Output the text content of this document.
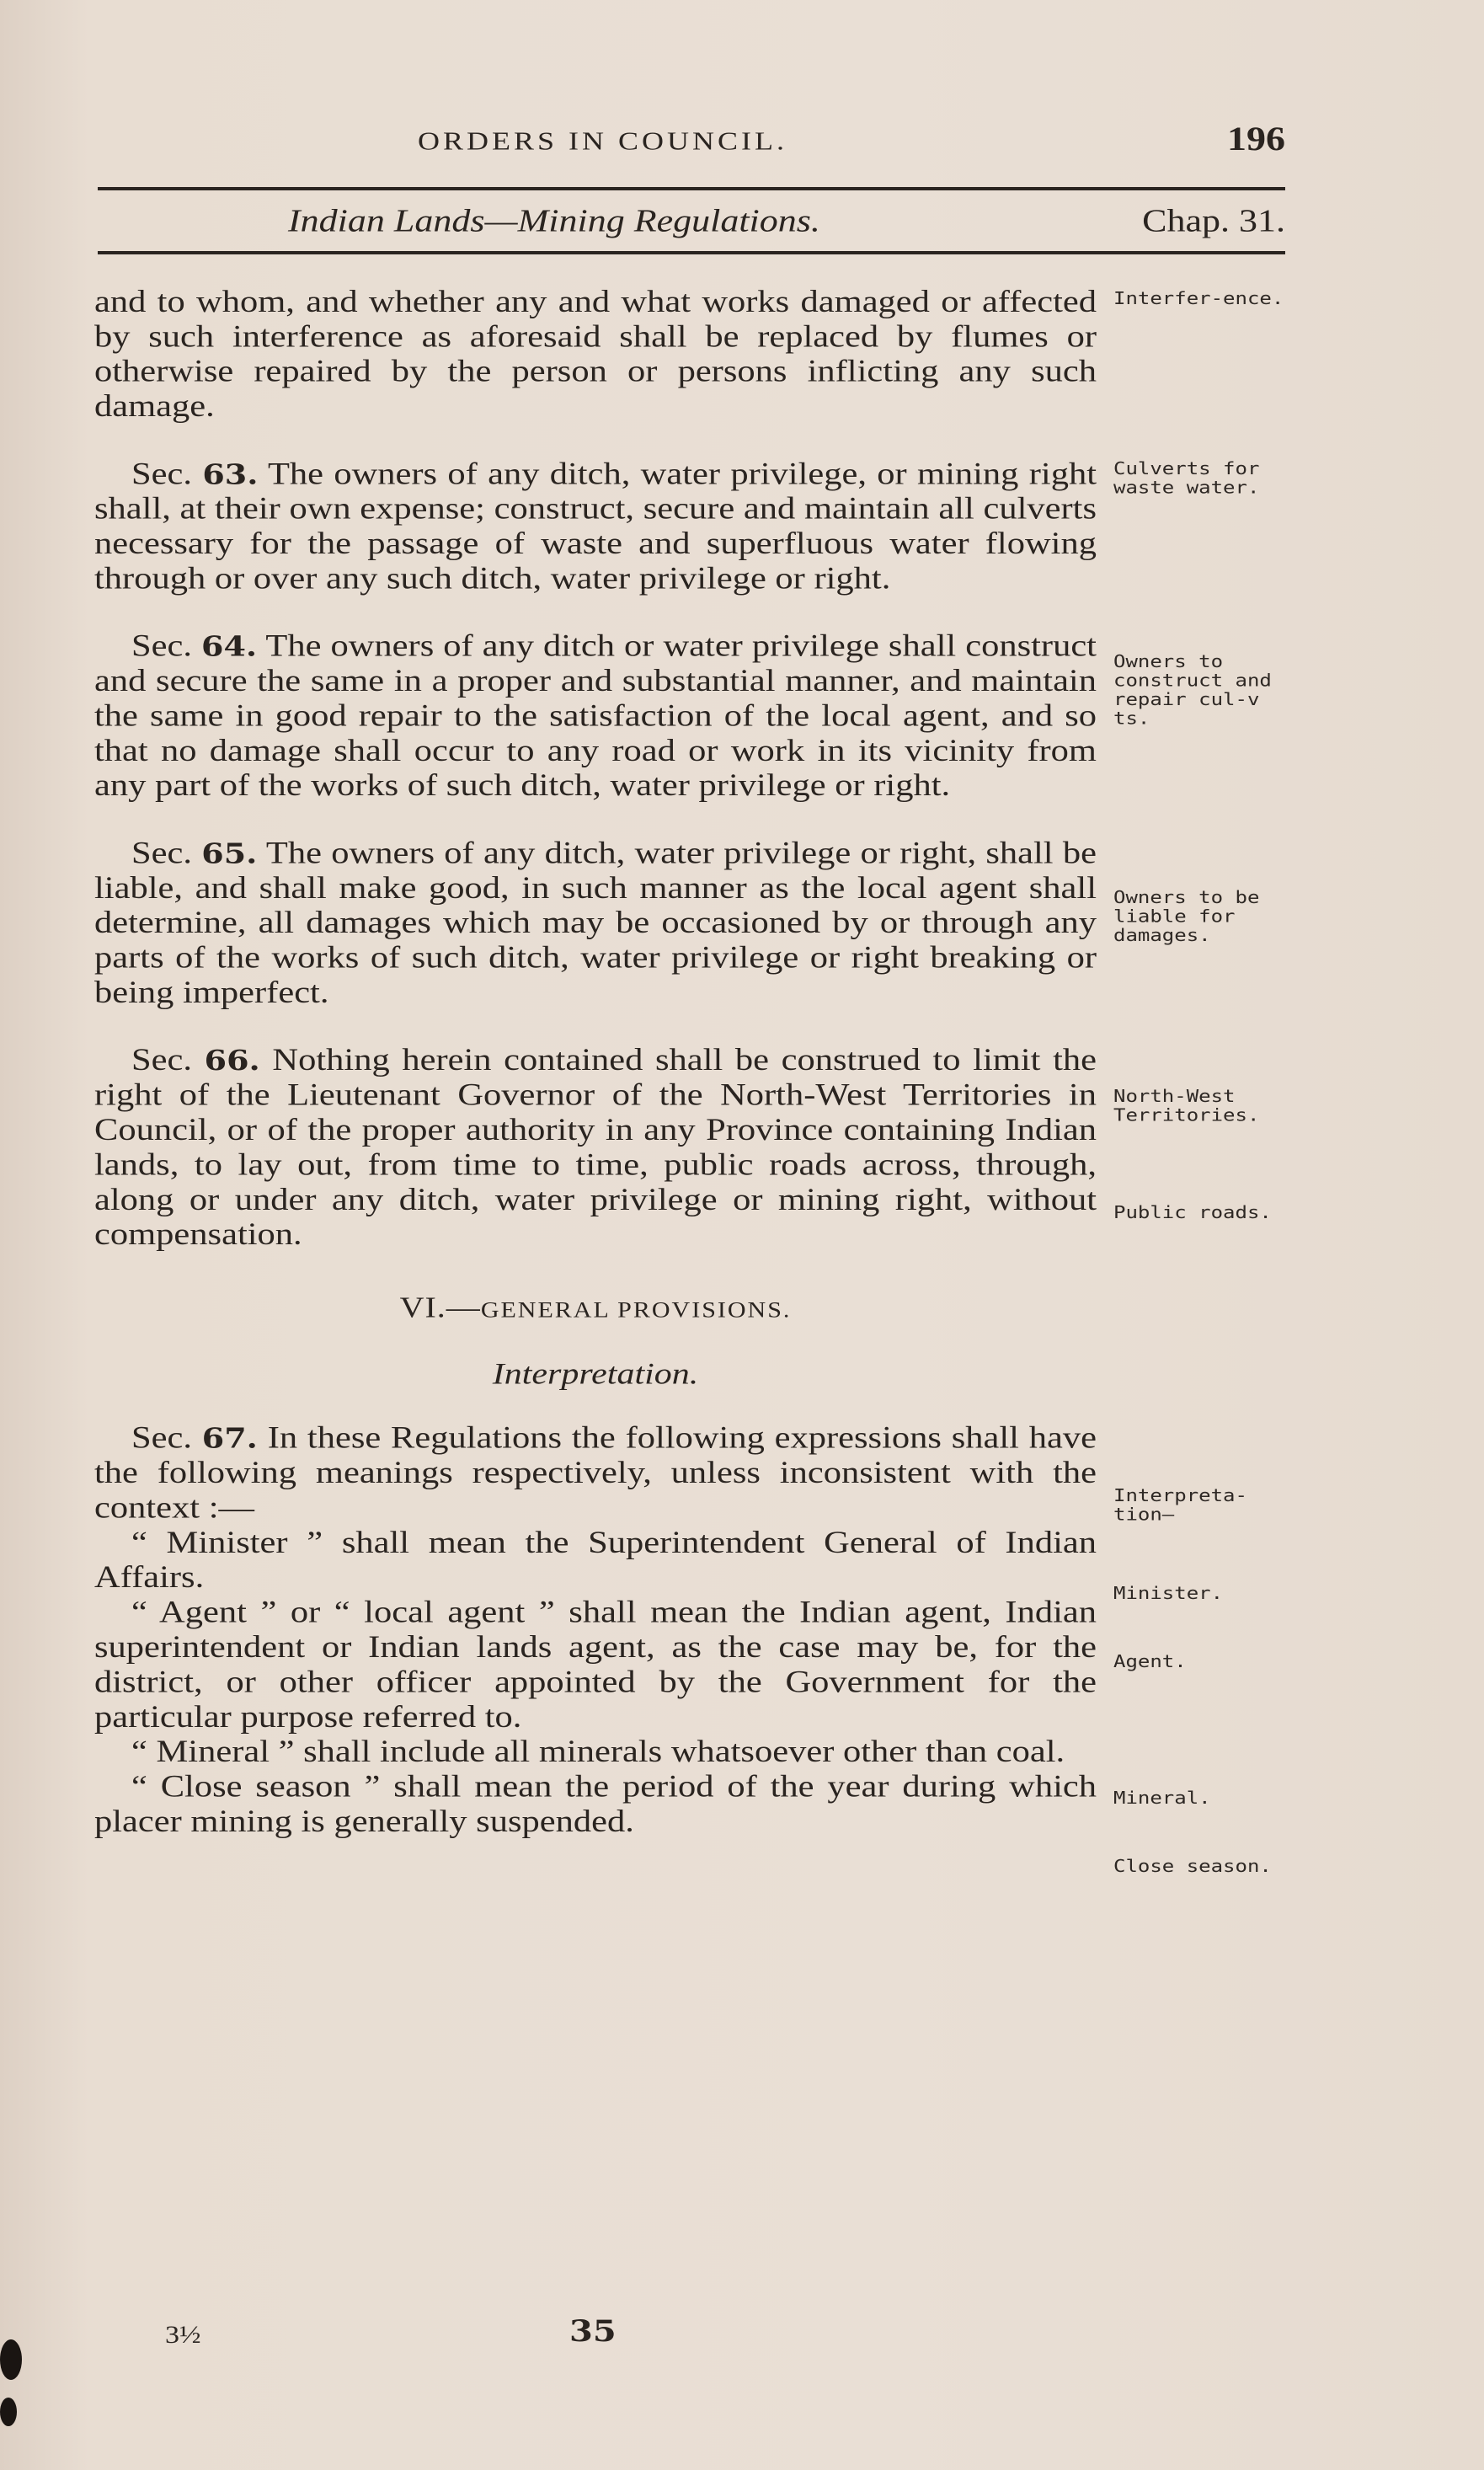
ORDERS IN COUNCIL.	196
Indian Lands—Mining Regulations.	Chap. 31.

and to whom, and whether any and what works damaged or affected by such interference as aforesaid shall be replaced by flumes or otherwise repaired by the person or persons inflicting any such damage.

Sec. 63. The owners of any ditch, water privilege, or mining right shall, at their own expense; construct, secure and maintain all culverts necessary for the passage of waste and superfluous water flowing through or over any such ditch, water privilege or right.

Sec. 64. The owners of any ditch or water privilege shall construct and secure the same in a proper and substantial manner, and maintain the same in good repair to the satisfaction of the local agent, and so that no damage shall occur to any road or work in its vicinity from any part of the works of such ditch, water privilege or right.

Sec. 65. The owners of any ditch, water privilege or right, shall be liable, and shall make good, in such manner as the local agent shall determine, all damages which may be occasioned by or through any parts of the works of such ditch, water privilege or right breaking or being imperfect.

Sec. 66. Nothing herein contained shall be construed to limit the right of the Lieutenant Governor of the North-West Territories in Council, or of the proper authority in any Province containing Indian lands, to lay out, from time to time, public roads across, through, along or under any ditch, water privilege or mining right, without compensation.

VI.—GENERAL PROVISIONS.

Interpretation.

Sec. 67. In these Regulations the following expressions shall have the following meanings respectively, unless inconsistent with the context :—

“ Minister ” shall mean the Superintendent General of Indian Affairs.

“ Agent ” or “ local agent ” shall mean the Indian agent, Indian superintendent or Indian lands agent, as the case may be, for the district, or other officer appointed by the Government for the particular purpose referred to.

“ Mineral ” shall include all minerals whatsoever other than coal.

“ Close season ” shall mean the period of the year during which placer mining is generally suspended.

Interfer-ence.
Culverts for waste water.
Owners to construct and repair cul-v ts.
Owners to be liable for damages.
North-West Territories.
Public roads.
Interpreta-tion—
Minister.
Agent.
Mineral.
Close season.
3½	35
